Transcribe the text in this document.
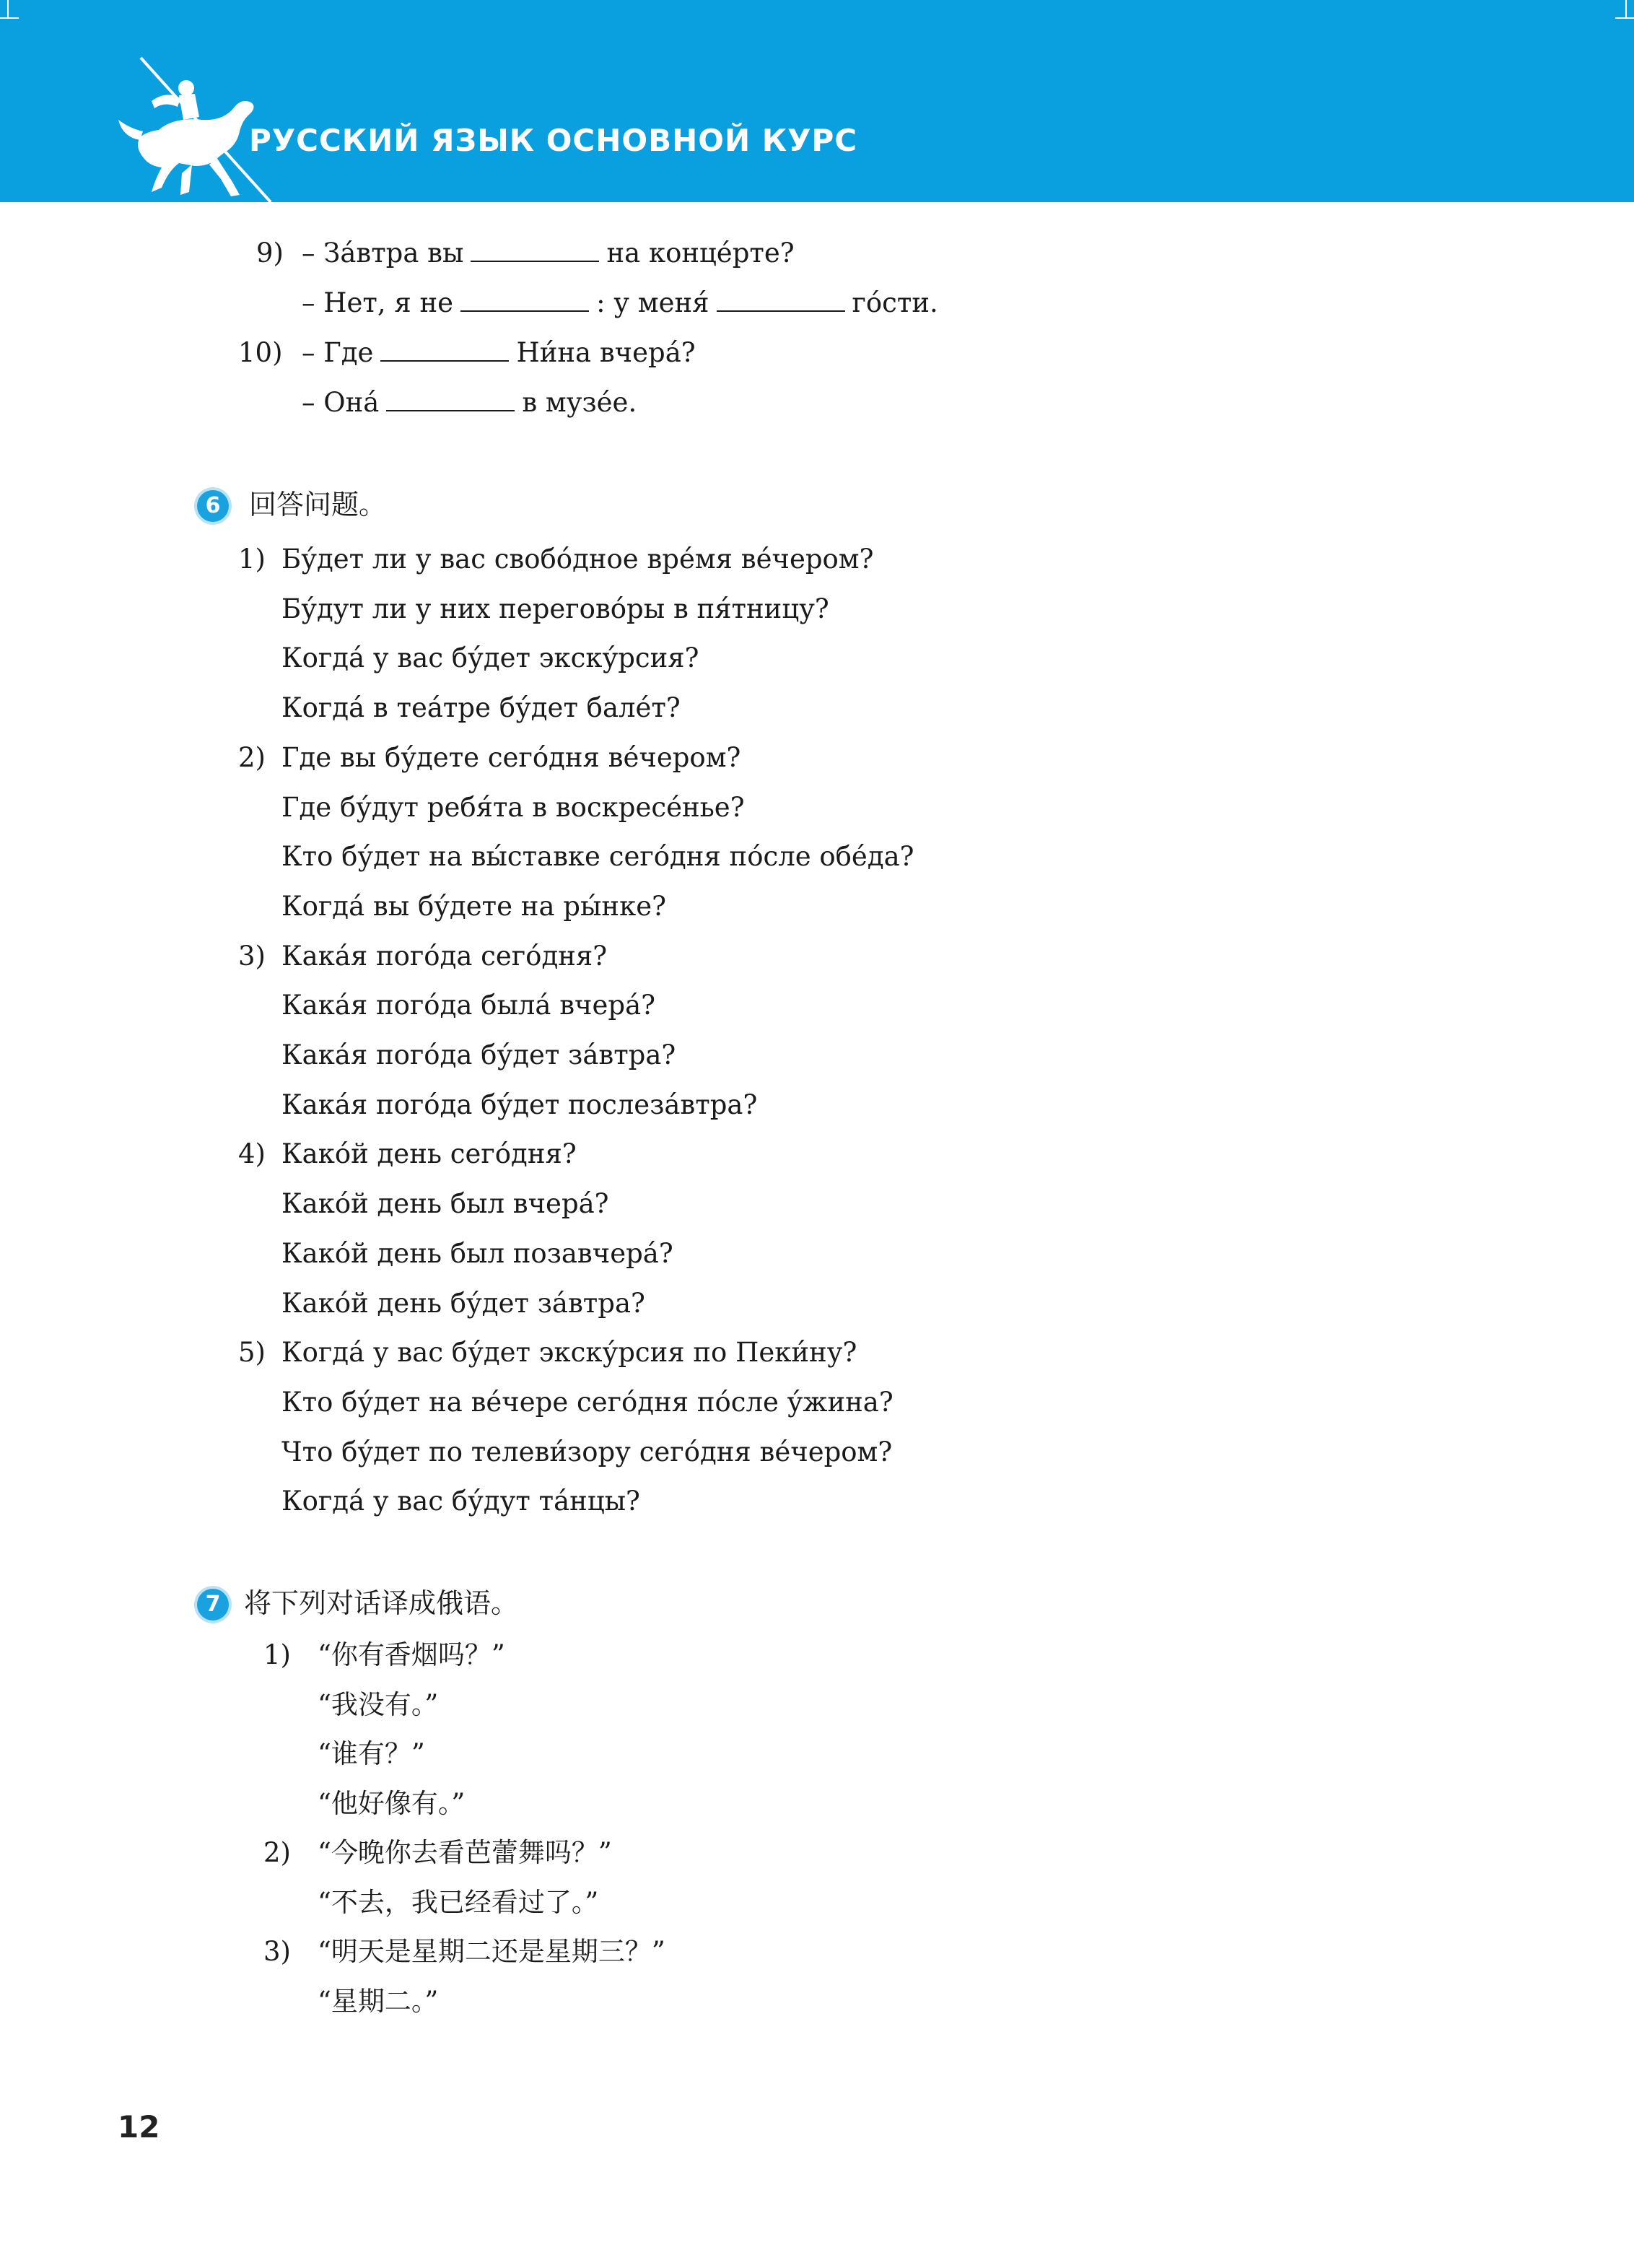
РУССКИЙ ЯЗЫК ОСНОВНОЙ КУРС
9) – За́втра вы	на конце́рте?
– Нет, я не	: у меня́	го́сти.
10) – Где	Ни́на вчера́?
– Она́	в музе́е.
6	回答问题。
1) Бу́дет ли у вас свобо́дное вре́мя ве́чером?
Бу́дут ли у них перегово́ры в пя́тницу?
Когда́ у вас бу́дет экску́рсия?
Когда́ в теа́тре бу́дет бале́т?
2) Где вы бу́дете сего́дня ве́чером?
Где бу́дут ребя́та в воскресе́нье?
Кто бу́дет на вы́ставке сего́дня по́сле обе́да?
Когда́ вы бу́дете на ры́нке?
3) Кака́я пого́да сего́дня?
Кака́я пого́да была́ вчера́?
Кака́я пого́да бу́дет за́втра?
Кака́я пого́да бу́дет послеза́втра?
4) Како́й день сего́дня?
Како́й день был вчера́?
Како́й день был позавчера́?
Како́й день бу́дет за́втра?
5) Когда́ у вас бу́дет экску́рсия по Пеки́ну?
Кто бу́дет на ве́чере сего́дня по́сле у́жина?
Что бу́дет по телеви́зору сего́дня ве́чером?
Когда́ у вас бу́дут та́нцы?
7 将下列对话译成俄语。
1) “你有香烟吗？”
“我没有。”
“谁有？”
“他好像有。”
2) “今晚你去看芭蕾舞吗？”
“不去，我已经看过了。”
3) “明天是星期二还是星期三？”
“星期二。”
12
